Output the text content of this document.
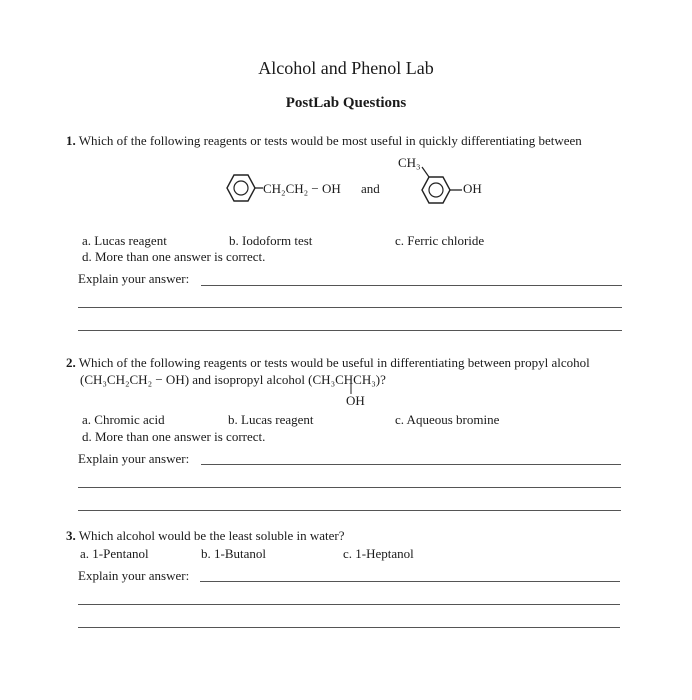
Alcohol and Phenol Lab
PostLab Questions
1. Which of the following reagents or tests would be most useful in quickly differentiating between
CH₂CH₂ − OH and
CH₃
OH
a. Lucas reagent	b. Iodoform test	c. Ferric chloride
d. More than one answer is correct.
Explain your answer:
2. Which of the following reagents or tests would be useful in differentiating between propyl alcohol
(CH₃CH₂CH₂ − OH) and isopropyl alcohol (CH₃CHCH₃)?
OH
a. Chromic acid	b. Lucas reagent	c. Aqueous bromine
d. More than one answer is correct.
Explain your answer:
3. Which alcohol would be the least soluble in water?
a. 1-Pentanol	b. 1-Butanol	c. 1-Heptanol
Explain your answer:
